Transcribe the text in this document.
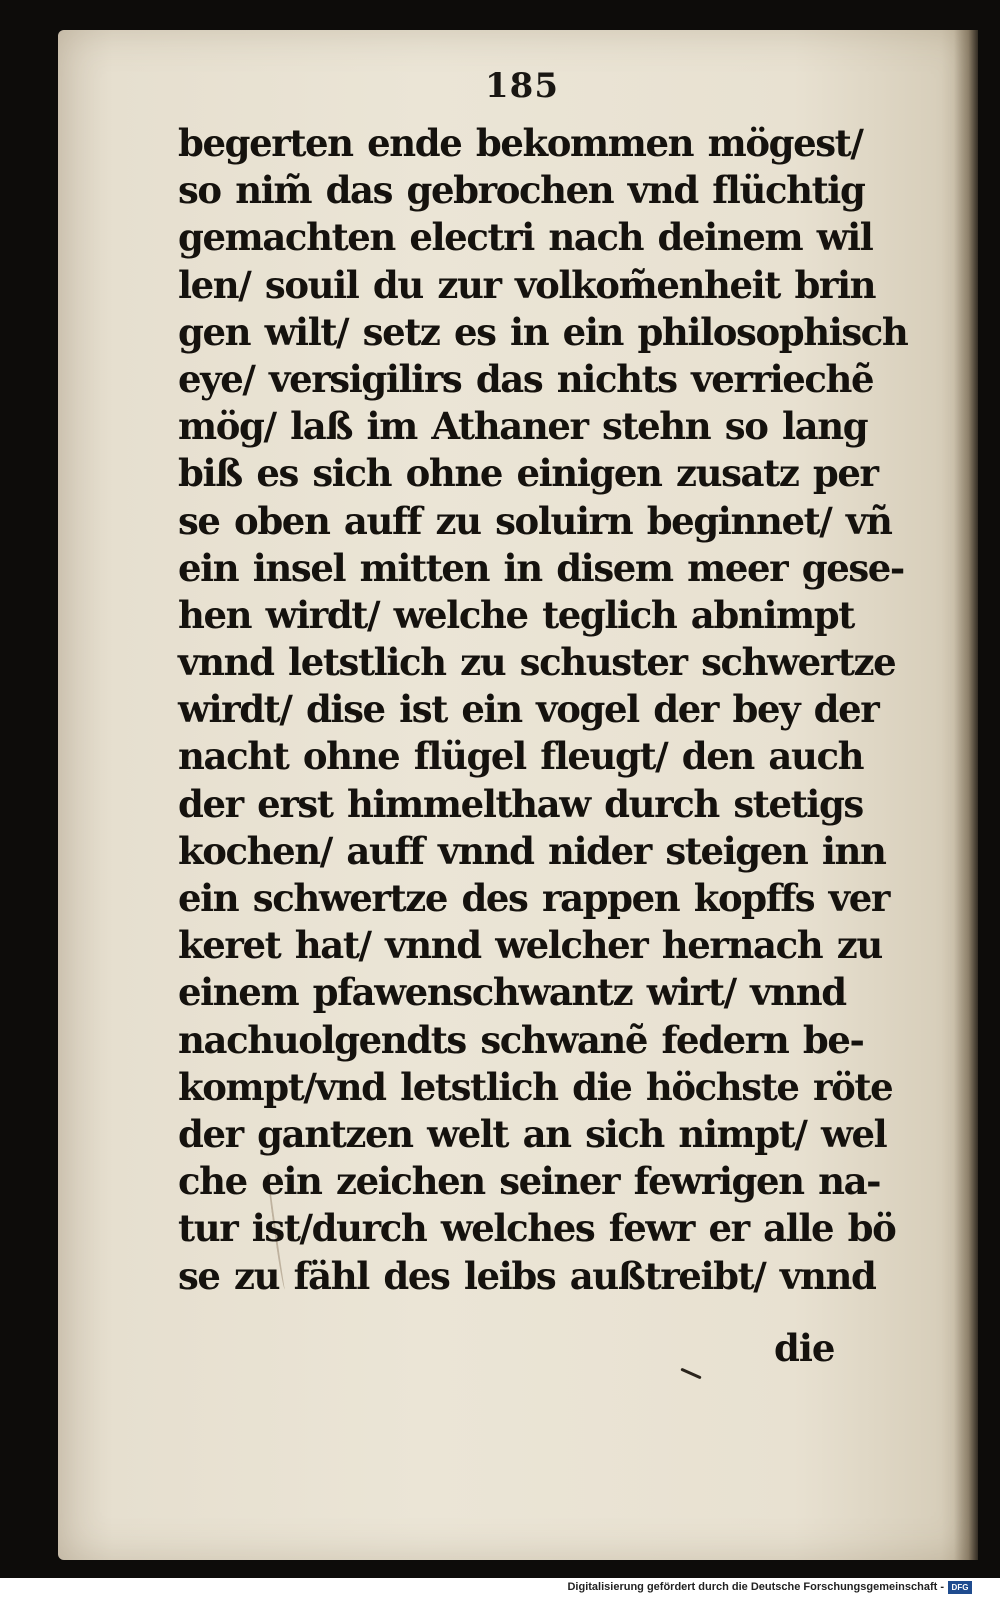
185
begerten ende bekommen mögest/
so nim̃ das gebrochen vnd flüchtig
gemachten electri nach deinem wil
len/ souil du zur volkom̃enheit brin
gen wilt/ setz es in ein philosophisch
eye/ versigilirs das nichts verriechẽ
mög/ laß im Athaner stehn so lang
biß es sich ohne einigen zusatz per
se oben auff zu soluirn beginnet/ vñ
ein insel mitten in disem meer gese-
hen wirdt/ welche teglich abnimpt
vnnd letstlich zu schuster schwertze
wirdt/ dise ist ein vogel der bey der
nacht ohne flügel fleugt/ den auch
der erst himmelthaw durch stetigs
kochen/ auff vnnd nider steigen inn
ein schwertze des rappen kopffs ver
keret hat/ vnnd welcher hernach zu
einem pfawenschwantz wirt/ vnnd
nachuolgendts schwanẽ federn be-
kompt/vnd letstlich die höchste röte
der gantzen welt an sich nimpt/ wel
che ein zeichen seiner fewrigen na-
tur ist/durch welches fewr er alle bö
se zu fähl des leibs außtreibt/ vnnd
die
Digitalisierung gefördert durch die Deutsche Forschungsgemeinschaft - DFG
